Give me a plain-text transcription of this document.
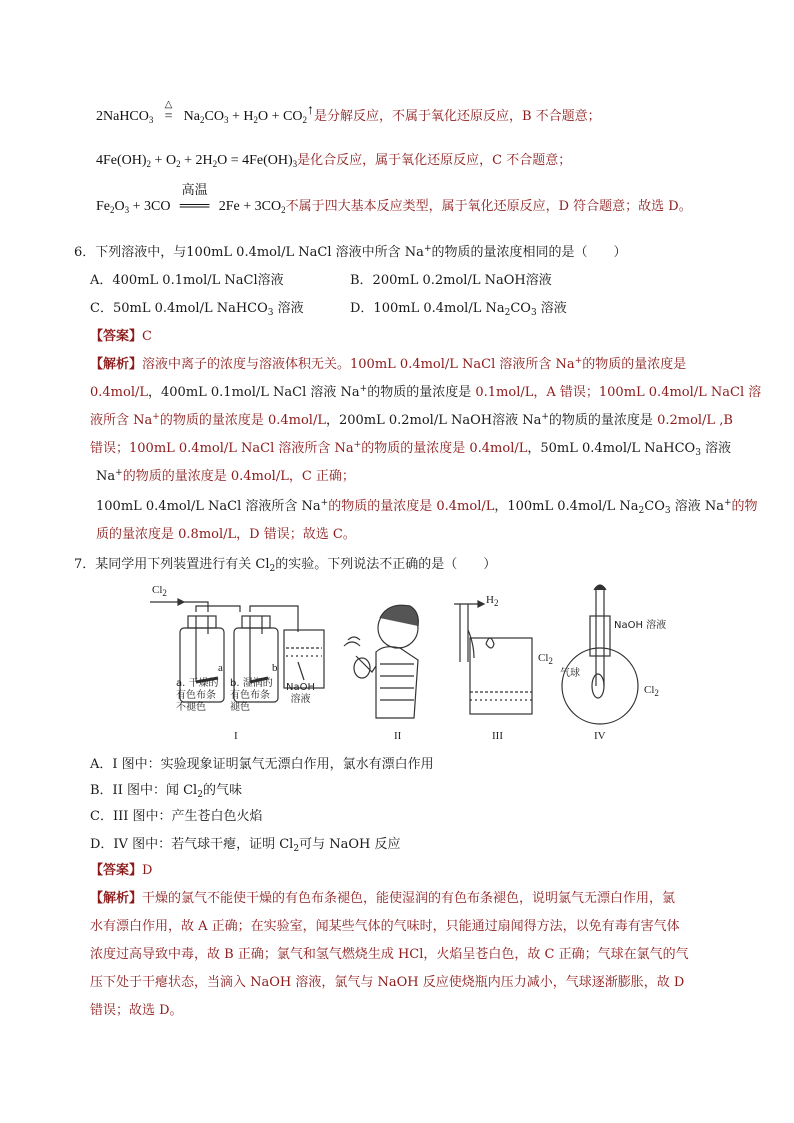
2NaHCO$_3$
△
= $Na_2CO_3 + H_2O$ + $CO_2↑$是分解反应，不属于氧化还原反应，B 不合题意；
$4Fe(OH)_2 + O_2 + 2H_2O = 4Fe(OH)_3$是化合反应，属于氧化还原反应，C 不合题意；
$Fe_2O_3 + 3CO$
高温
═══ $2Fe + 3CO_2$不属于四大基本反应类型，属于氧化还原反应，D 符合题意；故选 D。
6．下列溶液中，与100mL 0.4mol/L NaCl 溶液中所含 Na+的物质的量浓度相同的是（　　）
A．400mL 0.1mol/L NaCl溶液	B．200mL 0.2mol/L NaOH溶液
C．50mL 0.4mol/L NaHCO$_3$ 溶液	D．100mL 0.4mol/L $Na_2CO_3$ 溶液
【答案】C
【解析】溶液中离子的浓度与溶液体积无关。100mL 0.4mol/L NaCl 溶液所含 Na+的物质的量浓度是
0.4mol/L，400mL 0.1mol/L NaCl 溶液 Na+的物质的量浓度是 0.1mol/L，A 错误；100mL 0.4mol/L NaCl 溶
液所含 Na+的物质的量浓度是 0.4mol/L，200mL 0.2mol/L NaOH溶液 Na+的物质的量浓度是 0.2mol/L ,B
错误；100mL 0.4mol/L NaCl 溶液所含 Na+的物质的量浓度是 0.4mol/L，50mL 0.4mol/L NaHCO$_3$ 溶液
Na+的物质的量浓度是 0.4mol/L，C 正确；
100mL 0.4mol/L NaCl 溶液所含 Na+的物质的量浓度是 0.4mol/L，100mL 0.4mol/L $Na_2CO_3$ 溶液 Na+的物
质的量浓度是 0.8mol/L，D 错误；故选 C。
7．某同学用下列装置进行有关 $Cl_2$的实验。下列说法不正确的是（　　）
$Cl_2$
a	b
a. 干燥的
有色布条
不褪色
b. 湿润的
有色布条
褪色
NaOH
溶液
I	II
$H_2$
$Cl_2$
III
NaOH 溶液
气球
$Cl_2$
IV
A．I 图中：实验现象证明氯气无漂白作用，氯水有漂白作用
B．II 图中：闻 $Cl_2$的气味
C．III 图中：产生苍白色火焰
D．IV 图中：若气球干瘪，证明 $Cl_2$可与 NaOH 反应
【答案】D
【解析】干燥的氯气不能使干燥的有色布条褪色，能使湿润的有色布条褪色，说明氯气无漂白作用，氯
水有漂白作用，故 A 正确；在实验室，闻某些气体的气味时，只能通过扇闻得方法，以免有毒有害气体
浓度过高导致中毒，故 B 正确；氯气和氢气燃烧生成 HCl，火焰呈苍白色，故 C 正确；气球在氯气的气
压下处于干瘪状态，当滴入 NaOH 溶液，氯气与 NaOH 反应使烧瓶内压力减小，气球逐渐膨胀，故 D
错误；故选 D。
